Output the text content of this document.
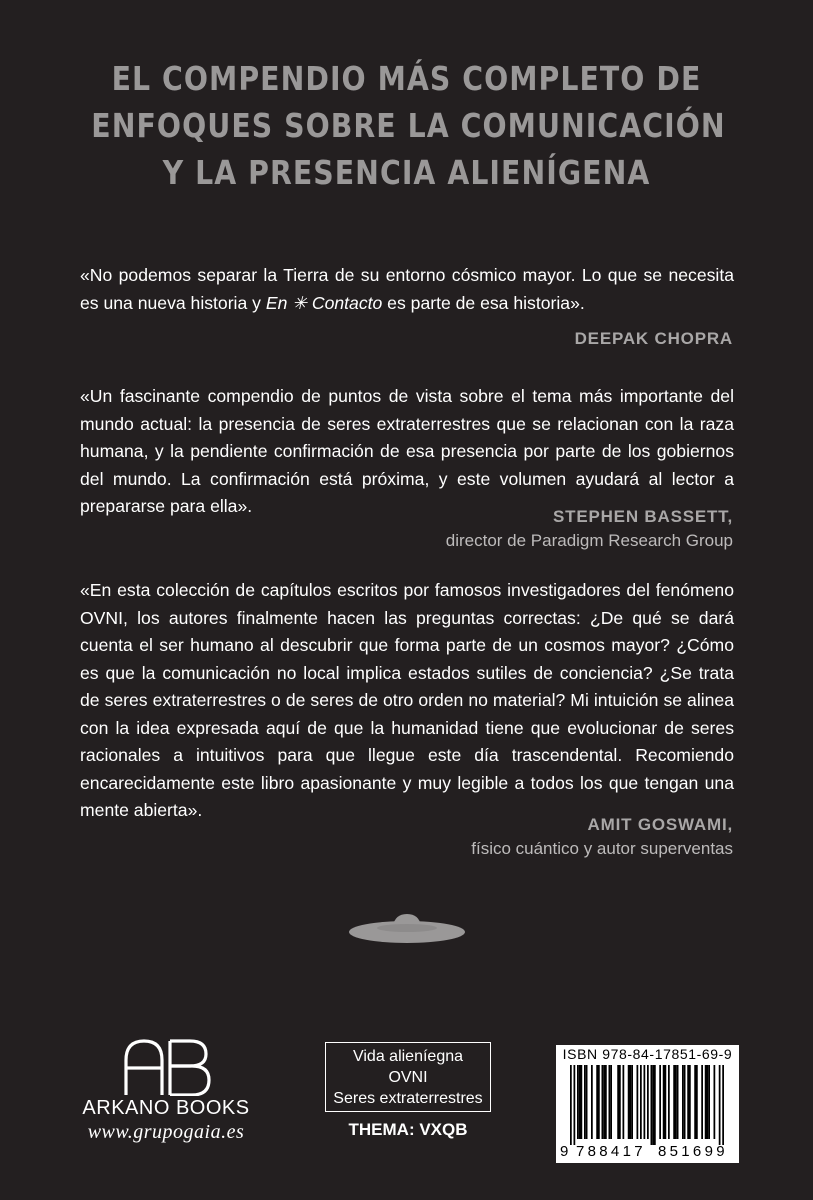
EL COMPENDIO MÁS COMPLETO DE
ENFOQUES SOBRE LA COMUNICACIÓN
Y LA PRESENCIA ALIENÍGENA
«No podemos separar la Tierra de su entorno cósmico mayor. Lo que se necesita es una nueva historia y En ✳ Contacto es parte de esa historia».
DEEPAK CHOPRA
«Un fascinante compendio de puntos de vista sobre el tema más importante del mundo actual: la presencia de seres extraterrestres que se relacionan con la raza humana, y la pendiente confirmación de esa presencia por parte de los gobiernos del mundo. La confirmación está próxima, y este volumen ayudará al lector a prepararse para ella».
STEPHEN BASSETT,
director de Paradigm Research Group
«En esta colección de capítulos escritos por famosos investigadores del fenómeno OVNI, los autores finalmente hacen las preguntas correctas: ¿De qué se dará cuenta el ser humano al descubrir que forma parte de un cosmos mayor? ¿Cómo es que la comunicación no local implica estados sutiles de conciencia? ¿Se trata de seres extraterrestres o de seres de otro orden no material? Mi intuición se alinea con la idea expresada aquí de que la humanidad tiene que evolucionar de seres racionales a intuitivos para que llegue este día trascendental. Recomiendo encarecidamente este libro apasionante y muy legible a todos los que tengan una mente abierta».
AMIT GOSWAMI,
físico cuántico y autor superventas
ARKANO BOOKS
www.grupogaia.es
Vida alieníegna
OVNI
Seres extraterrestres
THEMA: VXQB
ISBN 978-84-17851-69-9
9 788417 851699
